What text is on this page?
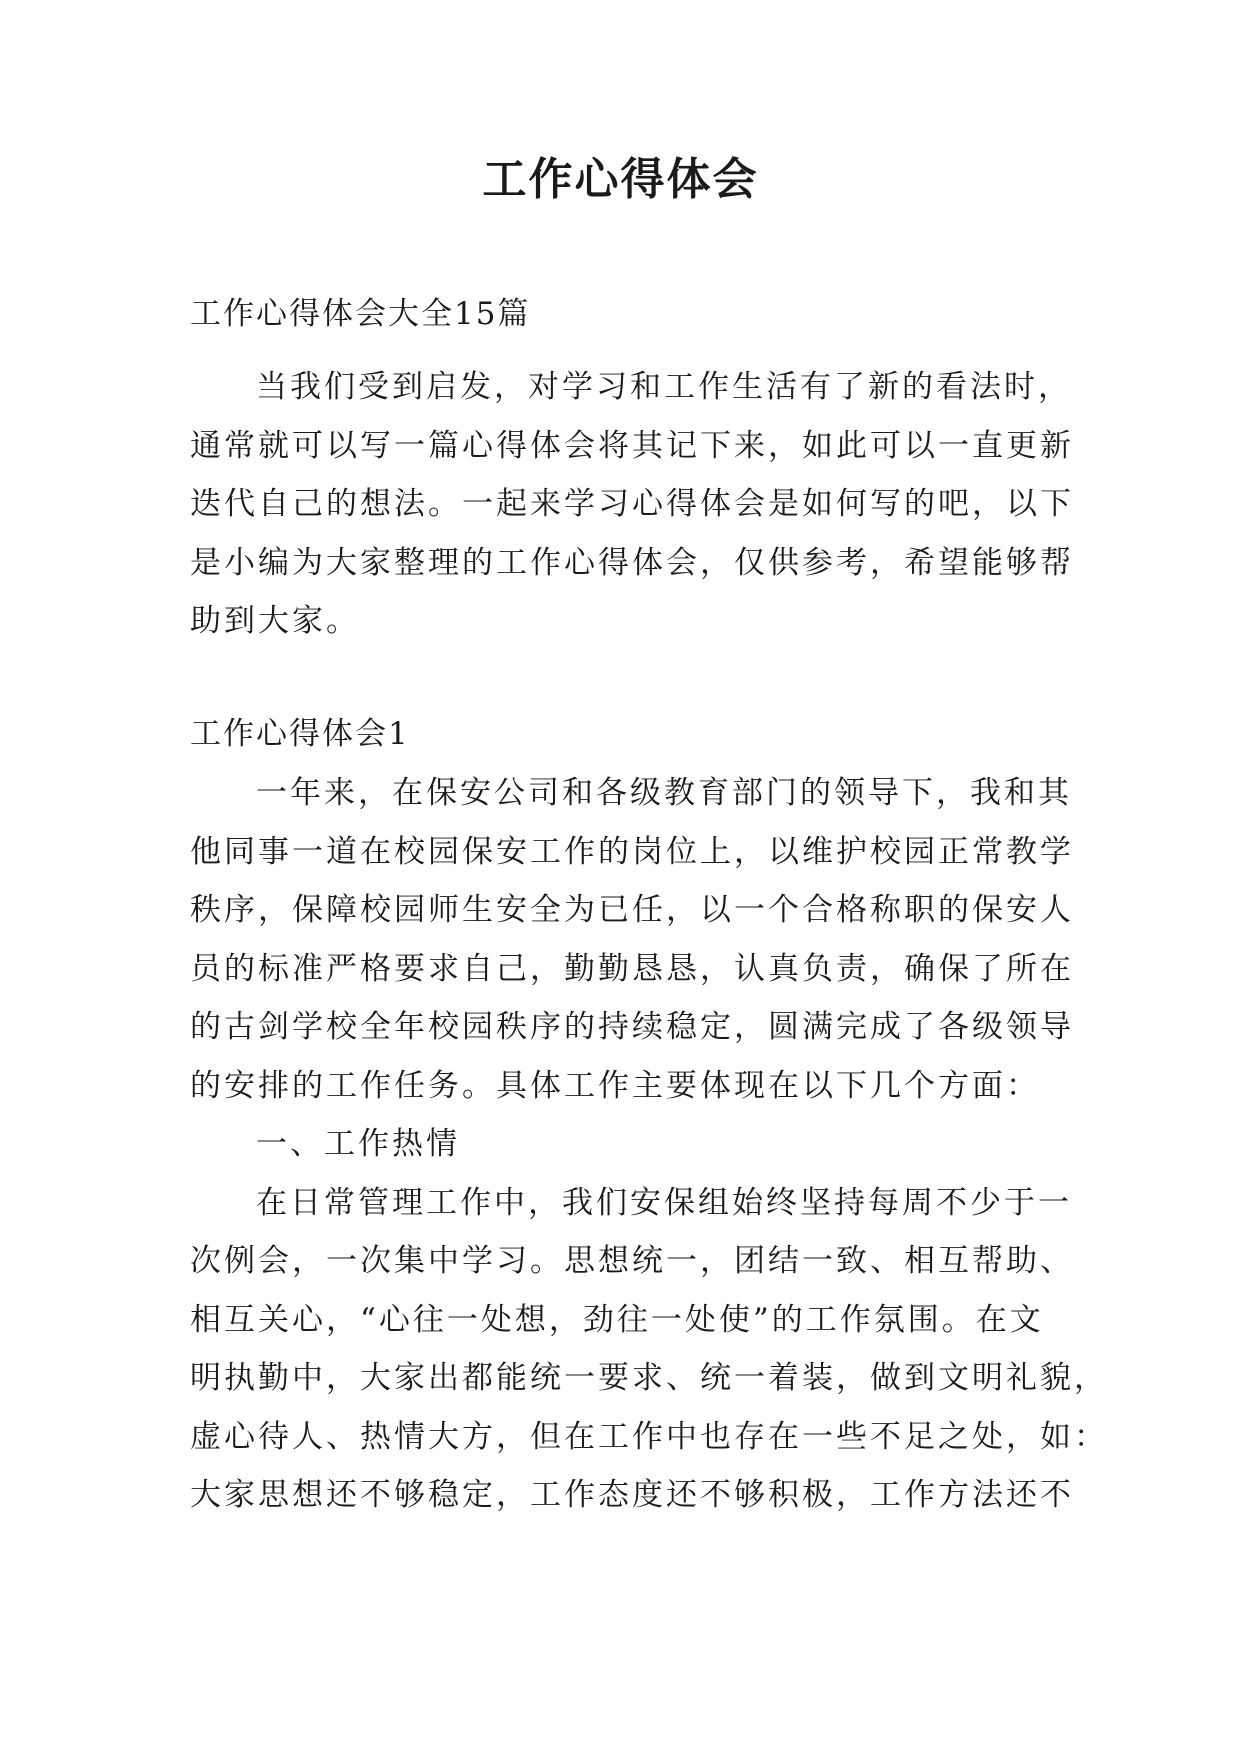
工作心得体会
工作心得体会大全15篇
当我们受到启发，对学习和工作生活有了新的看法时，
通常就可以写一篇心得体会将其记下来，如此可以一直更新
迭代自己的想法。一起来学习心得体会是如何写的吧，以下
是小编为大家整理的工作心得体会，仅供参考，希望能够帮
助到大家。
工作心得体会1
一年来，在保安公司和各级教育部门的领导下，我和其
他同事一道在校园保安工作的岗位上，以维护校园正常教学
秩序，保障校园师生安全为已任，以一个合格称职的保安人
员的标准严格要求自己，勤勤恳恳，认真负责，确保了所在
的古剑学校全年校园秩序的持续稳定，圆满完成了各级领导
的安排的工作任务。具体工作主要体现在以下几个方面：
一、工作热情
在日常管理工作中，我们安保组始终坚持每周不少于一
次例会，一次集中学习。思想统一，团结一致、相互帮助、
相互关心，“心往一处想，劲往一处使”的工作氛围。在文
明执勤中，大家出都能统一要求、统一着装，做到文明礼貌，
虚心待人、热情大方，但在工作中也存在一些不足之处，如：
大家思想还不够稳定，工作态度还不够积极，工作方法还不
